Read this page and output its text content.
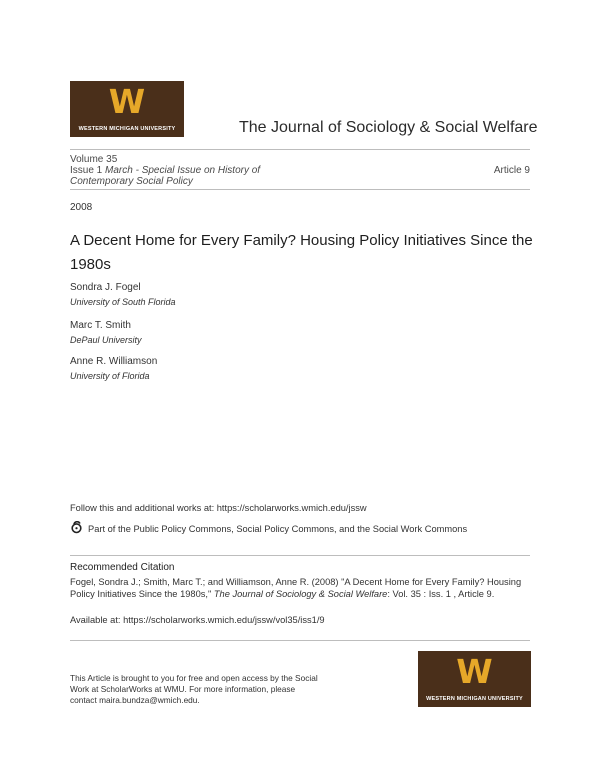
W
WESTERN MICHIGAN UNIVERSITY	The Journal of Sociology & Social Welfare
Volume 35
Issue 1 March - Special Issue on History of Contemporary Social Policy
Article 9
2008
A Decent Home for Every Family? Housing Policy Initiatives Since the 1980s
Sondra J. Fogel
University of South Florida
Marc T. Smith
DePaul University
Anne R. Williamson
University of Florida
Follow this and additional works at: https://scholarworks.wmich.edu/jssw
Part of the Public Policy Commons, Social Policy Commons, and the Social Work Commons
Recommended Citation
Fogel, Sondra J.; Smith, Marc T.; and Williamson, Anne R. (2008) "A Decent Home for Every Family? Housing Policy Initiatives Since the 1980s," The Journal of Sociology & Social Welfare: Vol. 35 : Iss. 1 , Article 9.
Available at: https://scholarworks.wmich.edu/jssw/vol35/iss1/9
This Article is brought to you for free and open access by the Social Work at ScholarWorks at WMU. For more information, please contact maira.bundza@wmich.edu.
W
WESTERN MICHIGAN UNIVERSITY
